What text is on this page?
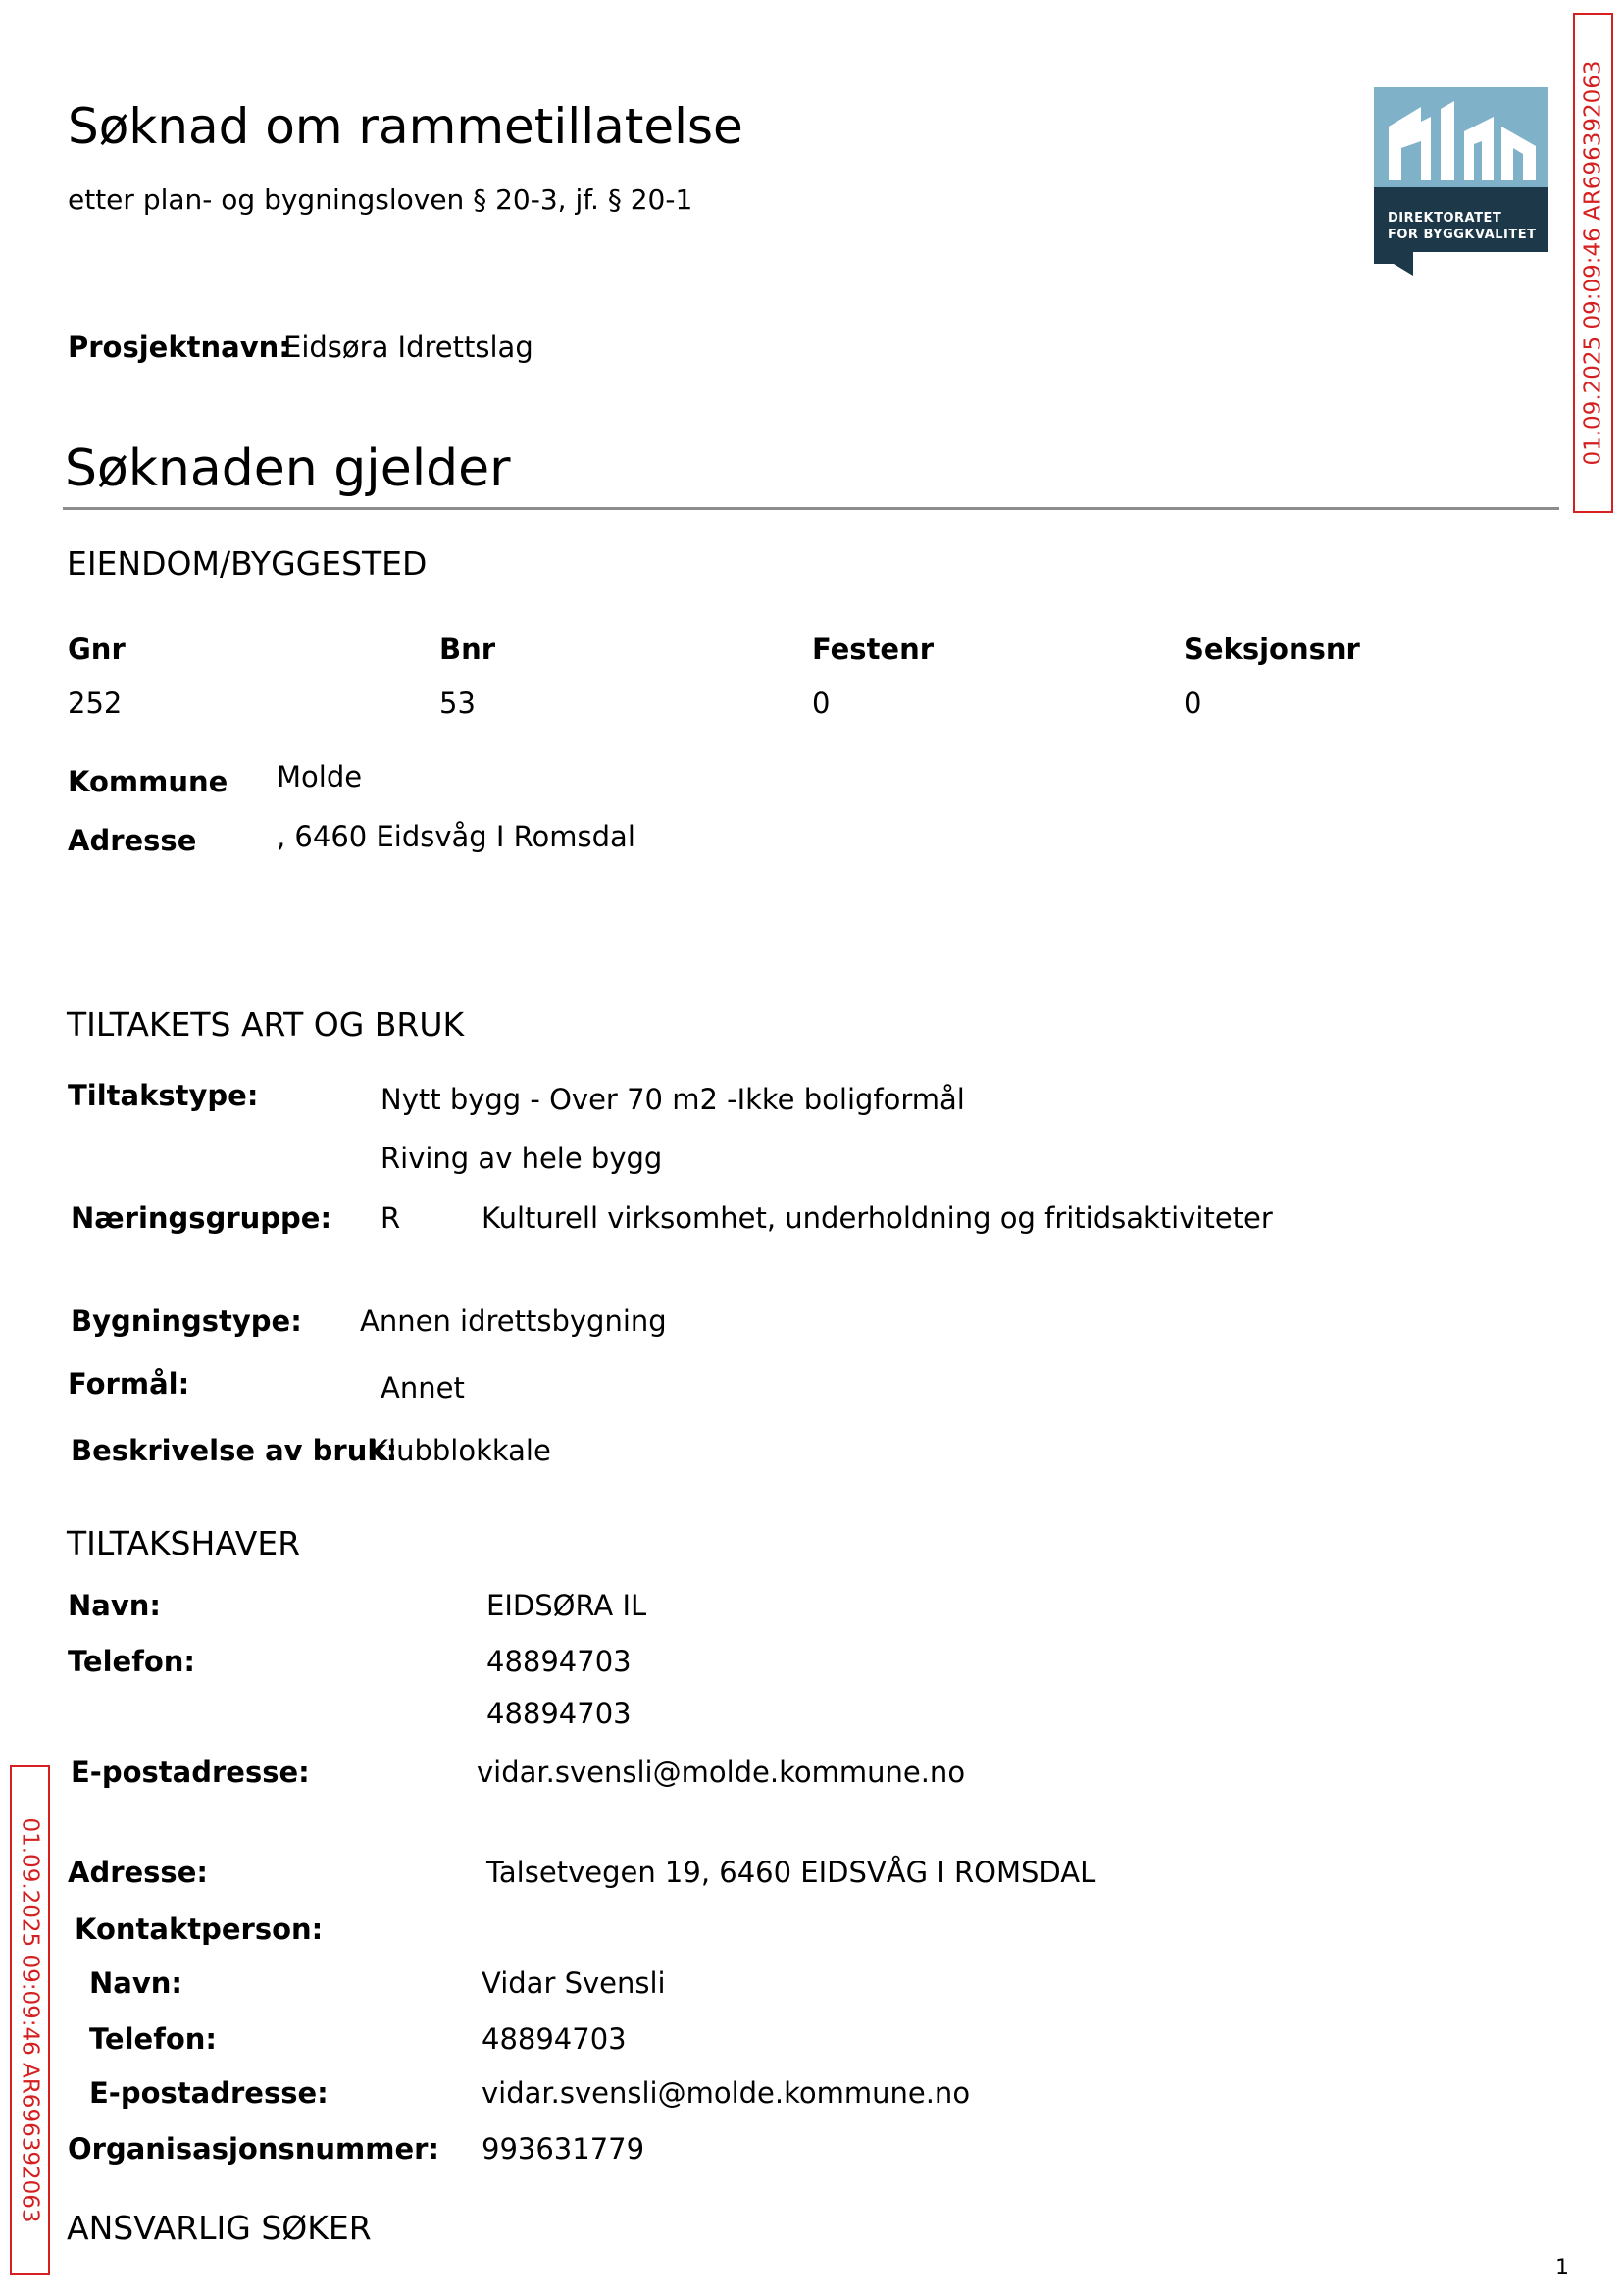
Søknad om rammetillatelse
etter plan- og bygningsloven § 20-3, jf. § 20-1
Prosjektnavn:
Eidsøra Idrettslag
DIREKTORATET
FOR BYGGKVALITET 01.09.2025 09:09:46 AR696392063
01.09.2025 09:09:46 AR696392063
Søknaden gjelder
EIENDOM/BYGGESTED
Gnr	Bnr	Festenr	Seksjonsnr
252	53	0	0
Kommune Molde
Adresse	, 6460 Eidsvåg I Romsdal
TILTAKETS ART OG BRUK
Tiltakstype:	Nytt bygg - Over 70 m2 -Ikke boligformål
Riving av hele bygg
Næringsgruppe: R	Kulturell virksomhet, underholdning og fritidsaktiviteter
Bygningstype: Annen idrettsbygning
Formål:	Annet
Beskrivelse av bruk:
Klubblokkale
TILTAKSHAVER
Navn:	EIDSØRA IL
Telefon:	48894703
48894703
E-postadresse:	vidar.svensli@molde.kommune.no
Adresse:	Talsetvegen 19, 6460 EIDSVÅG I ROMSDAL
Kontaktperson:
Navn:	Vidar Svensli
Telefon:	48894703
E-postadresse:	vidar.svensli@molde.kommune.no
Organisasjonsnummer: 993631779
ANSVARLIG SØKER
1
